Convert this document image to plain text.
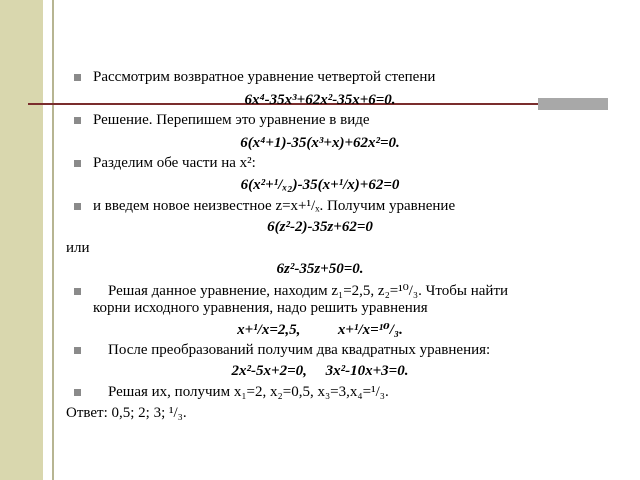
Рассмотрим возвратное уравнение четвертой степени
6x⁴-35x³+62x²-35x+6=0.
Решение. Перепишем это уравнение в виде
6(x⁴+1)-35(x³+x)+62x²=0.
Разделим обе части на x²:
6(x²+¹/ₓ₂)-35(x+¹/x)+62=0
и введем новое неизвестное z=x+¹/ₓ. Получим уравнение
6(z²-2)-35z+62=0
или
6z²-35z+50=0.
Решая данное уравнение, находим z₁=2,5, z₂=¹⁰/₃. Чтобы найти
корни исходного уравнения, надо решить уравнения
x+¹/x=2,5,          x+¹/x=¹⁰/₃.
После преобразований получим два квадратных уравнения:
2x²-5x+2=0,     3x²-10x+3=0.
Решая их, получим x₁=2, x₂=0,5, x₃=3,x₄=¹/₃.
Ответ: 0,5; 2; 3; ¹/₃.
